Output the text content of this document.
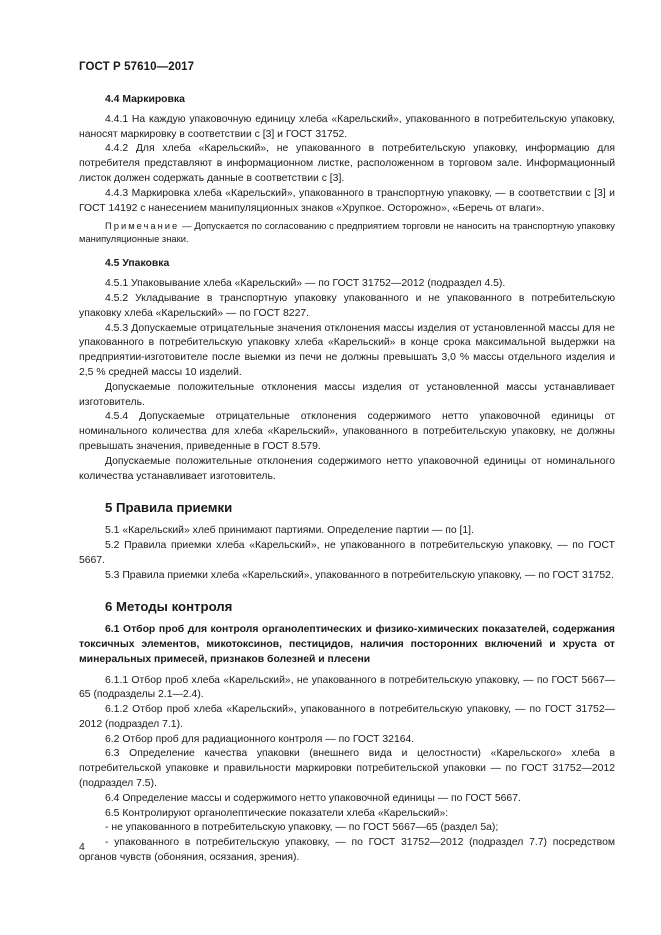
ГОСТ Р 57610—2017
4.4 Маркировка

4.4.1 На каждую упаковочную единицу хлеба «Карельский», упакованного в потребительскую упаковку, наносят маркировку в соответствии с [3] и ГОСТ 31752.

4.4.2 Для хлеба «Карельский», не упакованного в потребительскую упаковку, информацию для потребителя представляют в информационном листке, расположенном в торговом зале. Информационный листок должен содержать данные в соответствии с [3].

4.4.3 Маркировка хлеба «Карельский», упакованного в транспортную упаковку, — в соответствии с [3] и ГОСТ 14192 с нанесением манипуляционных знаков «Хрупкое. Осторожно», «Беречь от влаги».

Примечание — Допускается по согласованию с предприятием торговли не наносить на транспортную упаковку манипуляционные знаки.

4.5 Упаковка

4.5.1 Упаковывание хлеба «Карельский» — по ГОСТ 31752—2012 (подраздел 4.5).

4.5.2 Укладывание в транспортную упаковку упакованного и не упакованного в потребительскую упаковку хлеба «Карельский» — по ГОСТ 8227.

4.5.3 Допускаемые отрицательные значения отклонения массы изделия от установленной массы для не упакованного в потребительскую упаковку хлеба «Карельский» в конце срока максимальной выдержки на предприятии-изготовителе после выемки из печи не должны превышать 3,0 % массы отдельного изделия и 2,5 % средней массы 10 изделий.

Допускаемые положительные отклонения массы изделия от установленной массы устанавливает изготовитель.

4.5.4 Допускаемые отрицательные отклонения содержимого нетто упаковочной единицы от номинального количества для хлеба «Карельский», упакованного в потребительскую упаковку, не должны превышать значения, приведенные в ГОСТ 8.579.

Допускаемые положительные отклонения содержимого нетто упаковочной единицы от номинального количества устанавливает изготовитель.

5 Правила приемки

5.1 «Карельский» хлеб принимают партиями. Определение партии — по [1].

5.2 Правила приемки хлеба «Карельский», не упакованного в потребительскую упаковку, — по ГОСТ 5667.

5.3 Правила приемки хлеба «Карельский», упакованного в потребительскую упаковку, — по ГОСТ 31752.

6 Методы контроля

6.1 Отбор проб для контроля органолептических и физико-химических показателей, содержания токсичных элементов, микотоксинов, пестицидов, наличия посторонних включений и хруста от минеральных примесей, признаков болезней и плесени

6.1.1 Отбор проб хлеба «Карельский», не упакованного в потребительскую упаковку, — по ГОСТ 5667—65 (подразделы 2.1—2.4).

6.1.2 Отбор проб хлеба «Карельский», упакованного в потребительскую упаковку, — по ГОСТ 31752—2012 (подраздел 7.1).

6.2 Отбор проб для радиационного контроля — по ГОСТ 32164.

6.3 Определение качества упаковки (внешнего вида и целостности) «Карельского» хлеба в потребительской упаковке и правильности маркировки потребительской упаковки — по ГОСТ 31752—2012 (подраздел 7.5).

6.4 Определение массы и содержимого нетто упаковочной единицы — по ГОСТ 5667.

6.5 Контролируют органолептические показатели хлеба «Карельский»:

- не упакованного в потребительскую упаковку, — по ГОСТ 5667—65 (раздел 5а);

- упакованного в потребительскую упаковку, — по ГОСТ 31752—2012 (подраздел 7.7) посредством органов чувств (обоняния, осязания, зрения).

4
